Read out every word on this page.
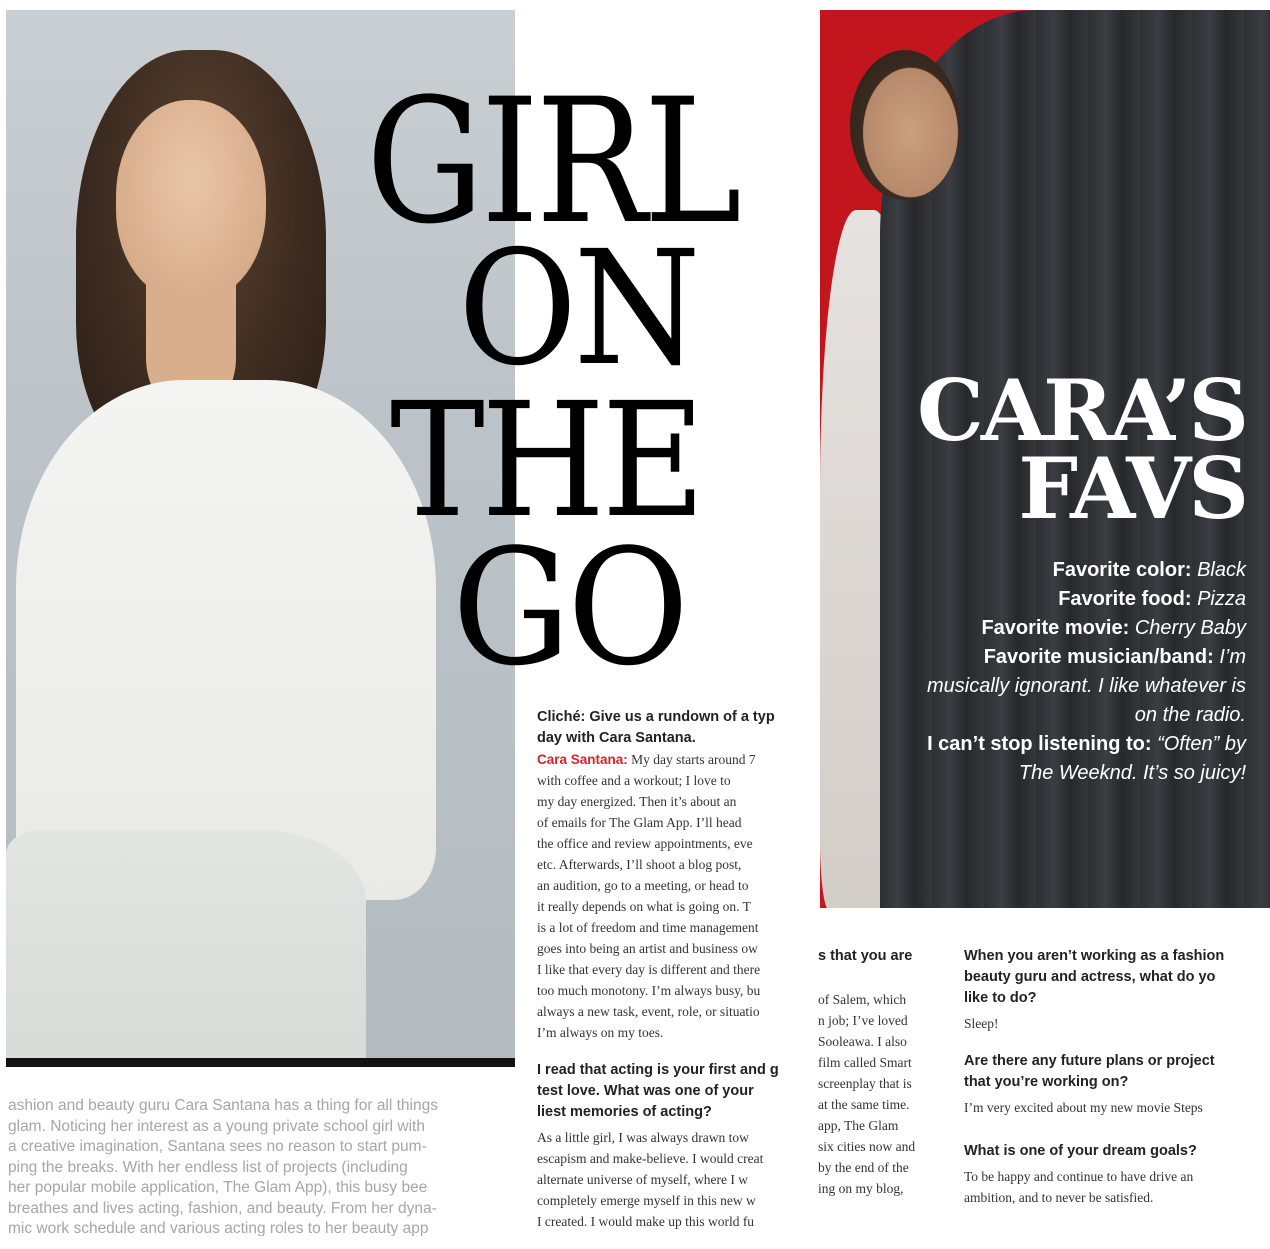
GIRL
ON
THE
GO
CARA’S
FAVS
Favorite color: Black
Favorite food: Pizza
Favorite movie: Cherry Baby
Favorite musician/band: I’m musically ignorant. I like whatever is on the radio.
I can’t stop listening to: “Often” by The Weeknd. It’s so juicy!
Cliché: Give us a rundown of a typ
day with Cara Santana.
Cara Santana: My day starts around 7
with coffee and a workout; I love to
my day energized. Then it’s about an
of emails for The Glam App. I’ll head
the office and review appointments, eve
etc. Afterwards, I’ll shoot a blog post,
an audition, go to a meeting, or head to
it really depends on what is going on. T
is a lot of freedom and time management
goes into being an artist and business ow
I like that every day is different and there
too much monotony. I’m always busy, bu
always a new task, event, role, or situatio
I’m always on my toes.
I read that acting is your first and g
test love. What was one of your
liest memories of acting?
As a little girl, I was always drawn tow
escapism and make-believe. I would creat
alternate universe of myself, where I w
completely emerge myself in this new w
I created. I would make up this world fu
s that you are
of Salem, which
n job; I’ve loved
Sooleawa. I also
film called Smart
screenplay that is
at the same time.
app, The Glam
six cities now and
by the end of the
ing on my blog,
When you aren’t working as a fashion
beauty guru and actress, what do yo
like to do?
Sleep!
Are there any future plans or project
that you’re working on?
I’m very excited about my new movie Steps
What is one of your dream goals?
To be happy and continue to have drive an
ambition, and to never be satisfied.
ashion and beauty guru Cara Santana has a thing for all things
glam. Noticing her interest as a young private school girl with
a creative imagination, Santana sees no reason to start pum-
ping the breaks. With her endless list of projects (including
her popular mobile application, The Glam App), this busy bee
breathes and lives acting, fashion, and beauty. From her dyna-
mic work schedule and various acting roles to her beauty app
